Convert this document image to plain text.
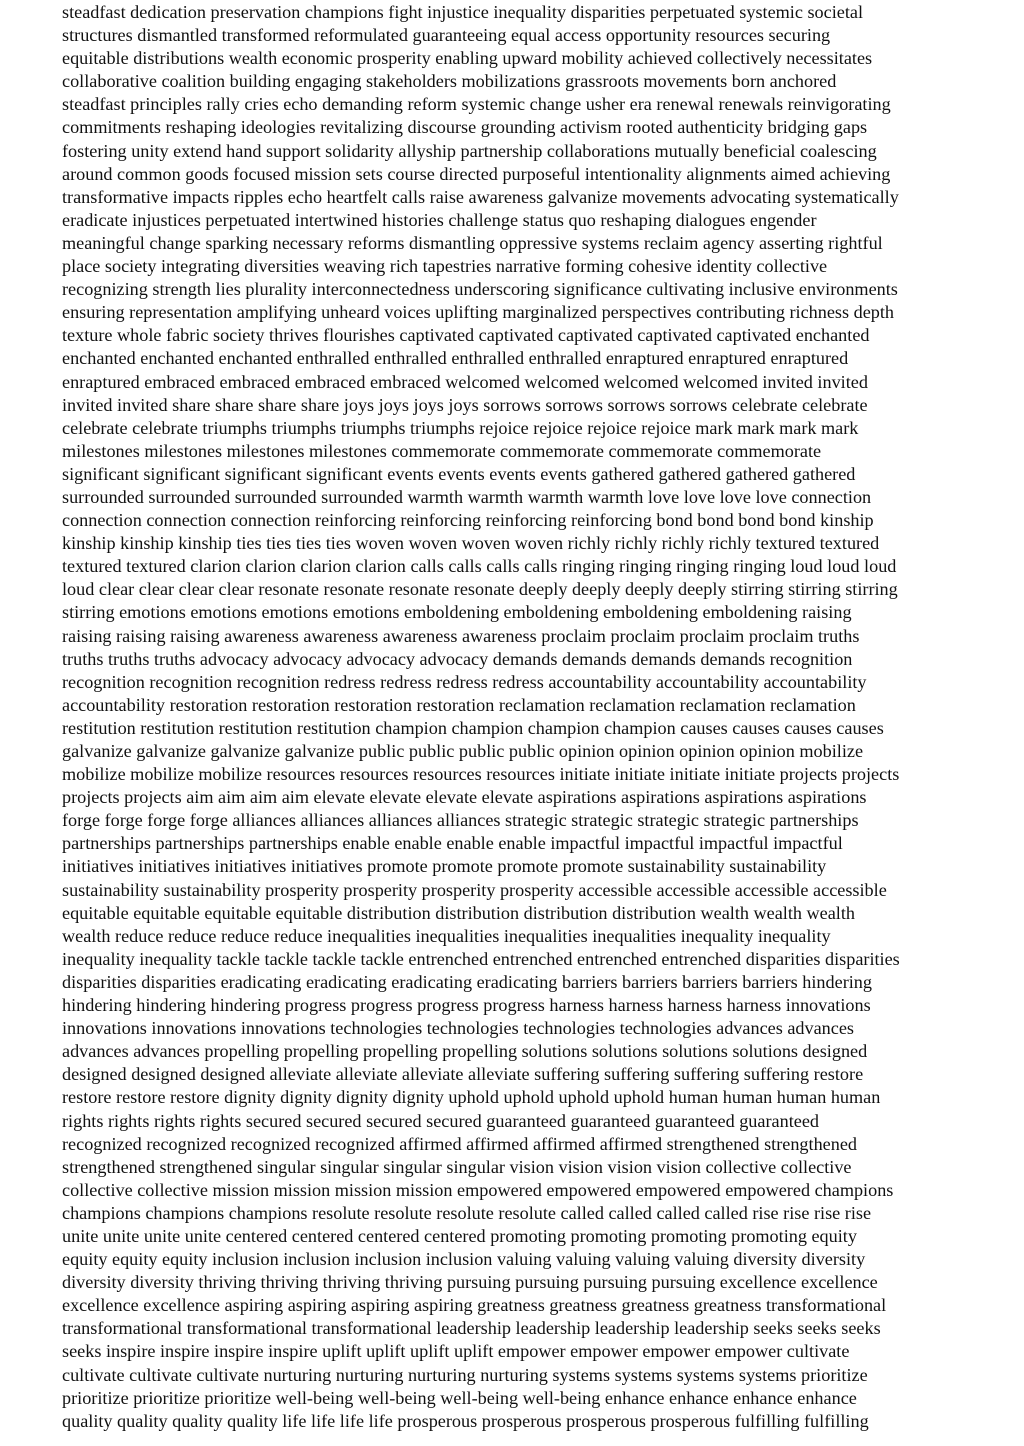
steadfast dedication preservation champions fight injustice inequality disparities perpetuated systemic societal
structures dismantled transformed reformulated guaranteeing equal access opportunity resources securing
equitable distributions wealth economic prosperity enabling upward mobility achieved collectively necessitates
collaborative coalition building engaging stakeholders mobilizations grassroots movements born anchored
steadfast principles rally cries echo demanding reform systemic change usher era renewal renewals reinvigorating
commitments reshaping ideologies revitalizing discourse grounding activism rooted authenticity bridging gaps
fostering unity extend hand support solidarity allyship partnership collaborations mutually beneficial coalescing
around common goods focused mission sets course directed purposeful intentionality alignments aimed achieving
transformative impacts ripples echo heartfelt calls raise awareness galvanize movements advocating systematically
eradicate injustices perpetuated intertwined histories challenge status quo reshaping dialogues engender
meaningful change sparking necessary reforms dismantling oppressive systems reclaim agency asserting rightful
place society integrating diversities weaving rich tapestries narrative forming cohesive identity collective
recognizing strength lies plurality interconnectedness underscoring significance cultivating inclusive environments
ensuring representation amplifying unheard voices uplifting marginalized perspectives contributing richness depth
texture whole fabric society thrives flourishes captivated captivated captivated captivated captivated enchanted
enchanted enchanted enchanted enthralled enthralled enthralled enthralled enraptured enraptured enraptured
enraptured embraced embraced embraced embraced welcomed welcomed welcomed welcomed invited invited
invited invited share share share share joys joys joys joys sorrows sorrows sorrows sorrows celebrate celebrate
celebrate celebrate triumphs triumphs triumphs triumphs rejoice rejoice rejoice rejoice mark mark mark mark
milestones milestones milestones milestones commemorate commemorate commemorate commemorate
significant significant significant significant events events events events gathered gathered gathered gathered
surrounded surrounded surrounded surrounded warmth warmth warmth warmth love love love love connection
connection connection connection reinforcing reinforcing reinforcing reinforcing bond bond bond bond kinship
kinship kinship kinship ties ties ties ties woven woven woven woven richly richly richly richly textured textured
textured textured clarion clarion clarion clarion calls calls calls calls ringing ringing ringing ringing loud loud loud
loud clear clear clear clear resonate resonate resonate resonate deeply deeply deeply deeply stirring stirring stirring
stirring emotions emotions emotions emotions emboldening emboldening emboldening emboldening raising
raising raising raising awareness awareness awareness awareness proclaim proclaim proclaim proclaim truths
truths truths truths advocacy advocacy advocacy advocacy demands demands demands demands recognition
recognition recognition recognition redress redress redress redress accountability accountability accountability
accountability restoration restoration restoration restoration reclamation reclamation reclamation reclamation
restitution restitution restitution restitution champion champion champion champion causes causes causes causes
galvanize galvanize galvanize galvanize public public public public opinion opinion opinion opinion mobilize
mobilize mobilize mobilize resources resources resources resources initiate initiate initiate initiate projects projects
projects projects aim aim aim aim elevate elevate elevate elevate aspirations aspirations aspirations aspirations
forge forge forge forge alliances alliances alliances alliances strategic strategic strategic strategic partnerships
partnerships partnerships partnerships enable enable enable enable impactful impactful impactful impactful
initiatives initiatives initiatives initiatives promote promote promote promote sustainability sustainability
sustainability sustainability prosperity prosperity prosperity prosperity accessible accessible accessible accessible
equitable equitable equitable equitable distribution distribution distribution distribution wealth wealth wealth
wealth reduce reduce reduce reduce inequalities inequalities inequalities inequalities inequality inequality
inequality inequality tackle tackle tackle tackle entrenched entrenched entrenched entrenched disparities disparities
disparities disparities eradicating eradicating eradicating eradicating barriers barriers barriers barriers hindering
hindering hindering hindering progress progress progress progress harness harness harness harness innovations
innovations innovations innovations technologies technologies technologies technologies advances advances
advances advances propelling propelling propelling propelling solutions solutions solutions solutions designed
designed designed designed alleviate alleviate alleviate alleviate suffering suffering suffering suffering restore
restore restore restore dignity dignity dignity dignity uphold uphold uphold uphold human human human human
rights rights rights rights secured secured secured secured guaranteed guaranteed guaranteed guaranteed
recognized recognized recognized recognized affirmed affirmed affirmed affirmed strengthened strengthened
strengthened strengthened singular singular singular singular vision vision vision vision collective collective
collective collective mission mission mission mission empowered empowered empowered empowered champions
champions champions champions resolute resolute resolute resolute called called called called rise rise rise rise
unite unite unite unite centered centered centered centered promoting promoting promoting promoting equity
equity equity equity inclusion inclusion inclusion inclusion valuing valuing valuing valuing diversity diversity
diversity diversity thriving thriving thriving thriving pursuing pursuing pursuing pursuing excellence excellence
excellence excellence aspiring aspiring aspiring aspiring greatness greatness greatness greatness transformational
transformational transformational transformational leadership leadership leadership leadership seeks seeks seeks
seeks inspire inspire inspire inspire uplift uplift uplift uplift empower empower empower empower cultivate
cultivate cultivate cultivate nurturing nurturing nurturing nurturing systems systems systems systems prioritize
prioritize prioritize prioritize well-being well-being well-being well-being enhance enhance enhance enhance
quality quality quality quality life life life life prosperous prosperous prosperous prosperous fulfilling fulfilling
